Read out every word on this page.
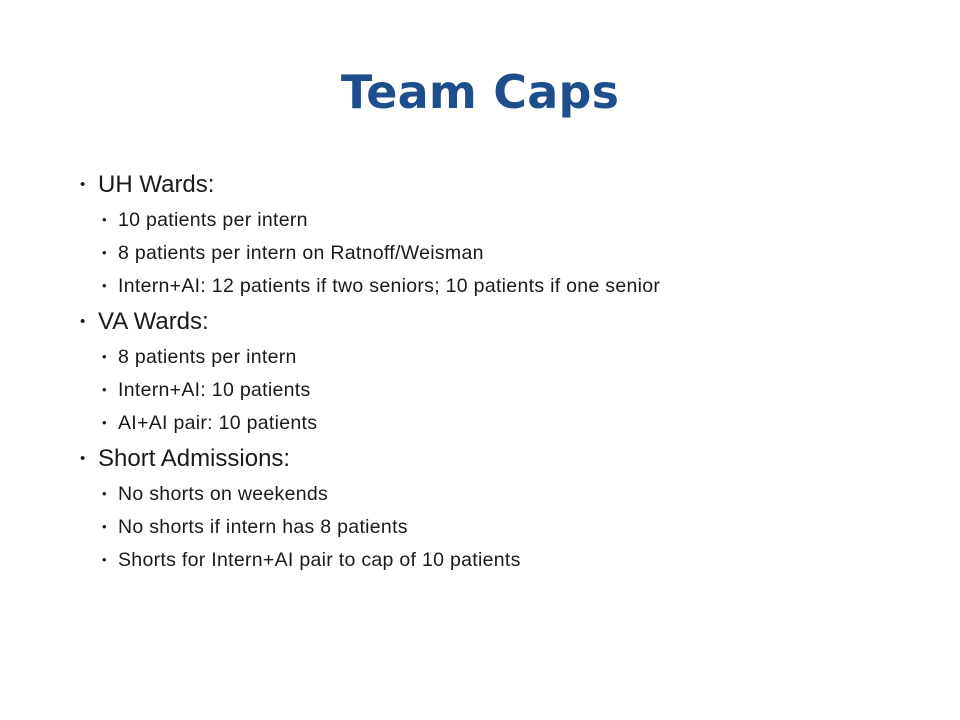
Team Caps
• UH Wards:
• 10 patients per intern
• 8 patients per intern on Ratnoff/Weisman
• Intern+AI: 12 patients if two seniors; 10 patients if one senior
• VA Wards:
• 8 patients per intern
• Intern+AI: 10 patients
• AI+AI pair: 10 patients
• Short Admissions:
• No shorts on weekends
• No shorts if intern has 8 patients
• Shorts for Intern+AI pair to cap of 10 patients
